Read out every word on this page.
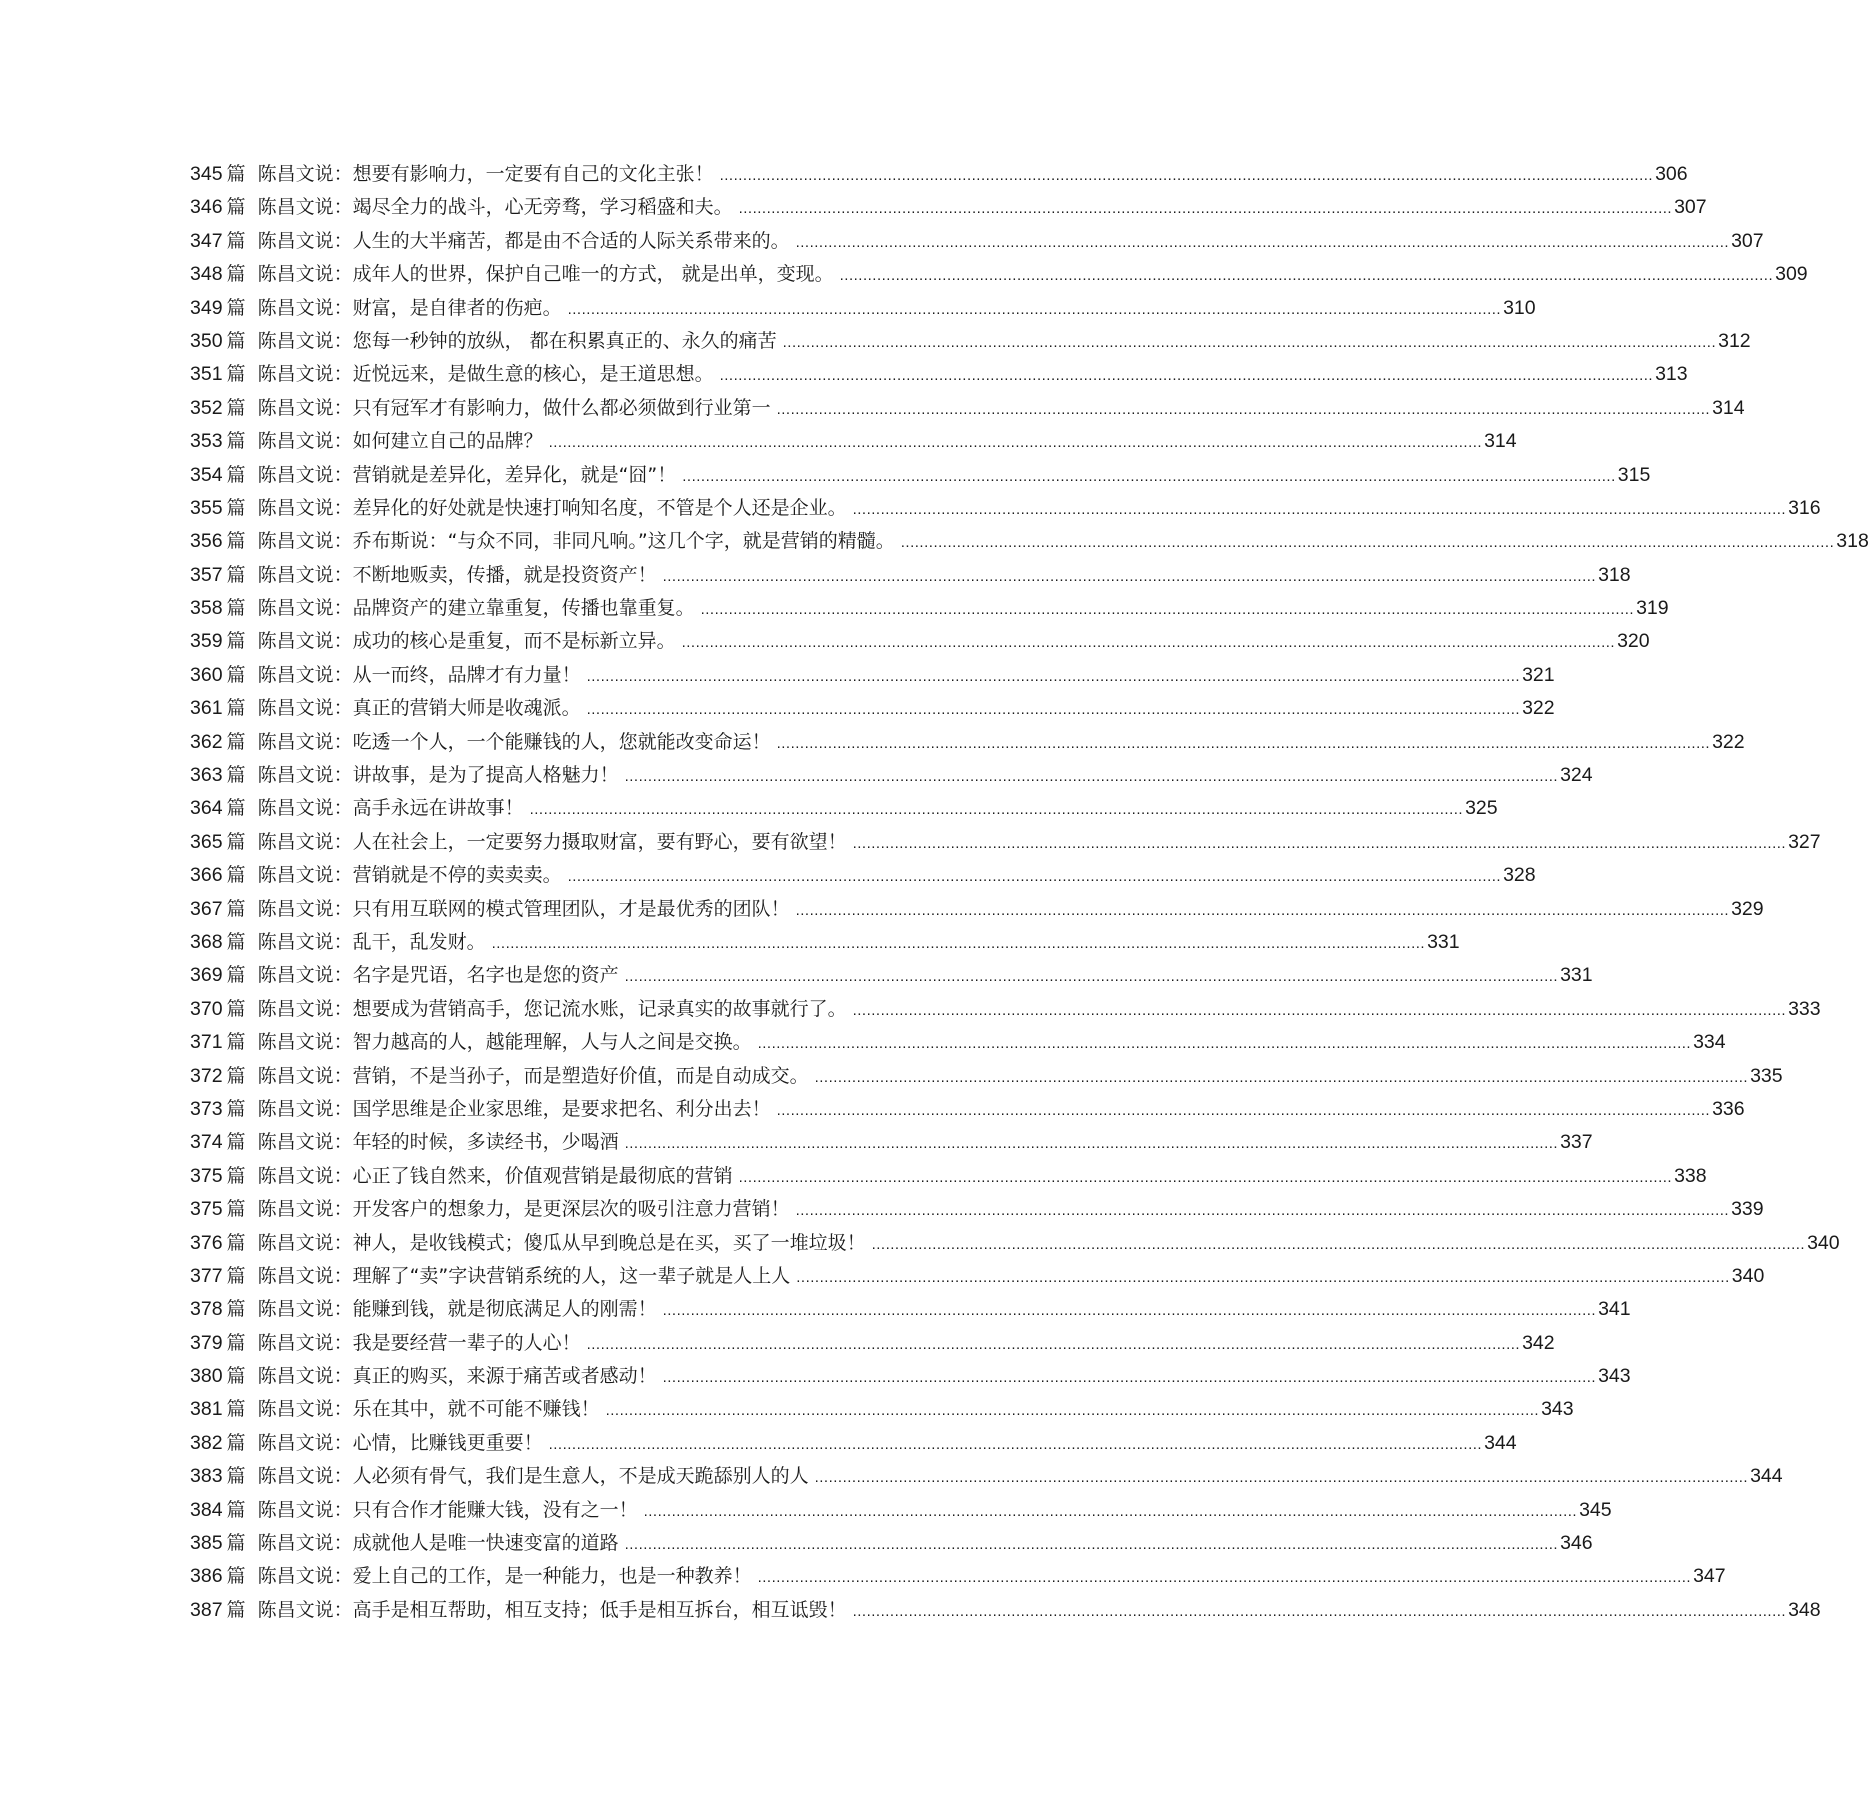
345 篇 陈昌文说：想要有影响力，一定要有自己的文化主张！ ........................................................................................................................................................................................................ 306
346 篇 陈昌文说：竭尽全力的战斗，心无旁骛，学习稻盛和夫。 ........................................................................................................................................................................................................ 307
347 篇 陈昌文说：人生的大半痛苦，都是由不合适的人际关系带来的。 ........................................................................................................................................................................................................ 307
348 篇 陈昌文说：成年人的世界，保护自己唯一的方式， 就是出单，变现。 ........................................................................................................................................................................................................ 309
349 篇 陈昌文说：财富，是自律者的伤疤。 ........................................................................................................................................................................................................ 310
350 篇 陈昌文说：您每一秒钟的放纵， 都在积累真正的、永久的痛苦 ........................................................................................................................................................................................................ 312
351 篇 陈昌文说：近悦远来，是做生意的核心，是王道思想。 ........................................................................................................................................................................................................ 313
352 篇 陈昌文说：只有冠军才有影响力，做什么都必须做到行业第一 ........................................................................................................................................................................................................ 314
353 篇 陈昌文说：如何建立自己的品牌？ ........................................................................................................................................................................................................ 314
354 篇 陈昌文说：营销就是差异化，差异化，就是“囧”！ ........................................................................................................................................................................................................ 315
355 篇 陈昌文说：差异化的好处就是快速打响知名度，不管是个人还是企业。 ........................................................................................................................................................................................................ 316
356 篇 陈昌文说：乔布斯说：“与众不同，非同凡响。”这几个字，就是营销的精髓。 ........................................................................................................................................................................................................ 318
357 篇 陈昌文说：不断地贩卖，传播，就是投资资产！ ........................................................................................................................................................................................................ 318
358 篇 陈昌文说：品牌资产的建立靠重复，传播也靠重复。 ........................................................................................................................................................................................................ 319
359 篇 陈昌文说：成功的核心是重复，而不是标新立异。 ........................................................................................................................................................................................................ 320
360 篇 陈昌文说：从一而终，品牌才有力量！ ........................................................................................................................................................................................................ 321
361 篇 陈昌文说：真正的营销大师是收魂派。 ........................................................................................................................................................................................................ 322
362 篇 陈昌文说：吃透一个人，一个能赚钱的人，您就能改变命运！ ........................................................................................................................................................................................................ 322
363 篇 陈昌文说：讲故事，是为了提高人格魅力！ ........................................................................................................................................................................................................ 324
364 篇 陈昌文说：高手永远在讲故事！ ........................................................................................................................................................................................................ 325
365 篇 陈昌文说：人在社会上，一定要努力摄取财富，要有野心，要有欲望！ ........................................................................................................................................................................................................ 327
366 篇 陈昌文说：营销就是不停的卖卖卖。 ........................................................................................................................................................................................................ 328
367 篇 陈昌文说：只有用互联网的模式管理团队，才是最优秀的团队！ ........................................................................................................................................................................................................ 329
368 篇 陈昌文说：乱干，乱发财。 ........................................................................................................................................................................................................ 331
369 篇 陈昌文说：名字是咒语，名字也是您的资产 ........................................................................................................................................................................................................ 331
370 篇 陈昌文说：想要成为营销高手，您记流水账，记录真实的故事就行了。 ........................................................................................................................................................................................................ 333
371 篇 陈昌文说：智力越高的人，越能理解，人与人之间是交换。 ........................................................................................................................................................................................................ 334
372 篇 陈昌文说：营销，不是当孙子，而是塑造好价值，而是自动成交。 ........................................................................................................................................................................................................ 335
373 篇 陈昌文说：国学思维是企业家思维，是要求把名、利分出去！ ........................................................................................................................................................................................................ 336
374 篇 陈昌文说：年轻的时候，多读经书，少喝酒 ........................................................................................................................................................................................................ 337
375 篇 陈昌文说：心正了钱自然来，价值观营销是最彻底的营销 ........................................................................................................................................................................................................ 338
375 篇 陈昌文说：开发客户的想象力，是更深层次的吸引注意力营销！ ........................................................................................................................................................................................................ 339
376 篇 陈昌文说：神人，是收钱模式；傻瓜从早到晚总是在买，买了一堆垃圾！ ........................................................................................................................................................................................................ 340
377 篇 陈昌文说：理解了“卖”字诀营销系统的人，这一辈子就是人上人 ........................................................................................................................................................................................................ 340
378 篇 陈昌文说：能赚到钱，就是彻底满足人的刚需！ ........................................................................................................................................................................................................ 341
379 篇 陈昌文说：我是要经营一辈子的人心！ ........................................................................................................................................................................................................ 342
380 篇 陈昌文说：真正的购买，来源于痛苦或者感动！ ........................................................................................................................................................................................................ 343
381 篇 陈昌文说：乐在其中，就不可能不赚钱！ ........................................................................................................................................................................................................ 343
382 篇 陈昌文说：心情，比赚钱更重要！ ........................................................................................................................................................................................................ 344
383 篇 陈昌文说：人必须有骨气，我们是生意人，不是成天跪舔别人的人 ........................................................................................................................................................................................................ 344
384 篇 陈昌文说：只有合作才能赚大钱，没有之一！ ........................................................................................................................................................................................................ 345
385 篇 陈昌文说：成就他人是唯一快速变富的道路 ........................................................................................................................................................................................................ 346
386 篇 陈昌文说：爱上自己的工作，是一种能力，也是一种教养！ ........................................................................................................................................................................................................ 347
387 篇 陈昌文说：高手是相互帮助，相互支持；低手是相互拆台，相互诋毁！ ........................................................................................................................................................................................................ 348
